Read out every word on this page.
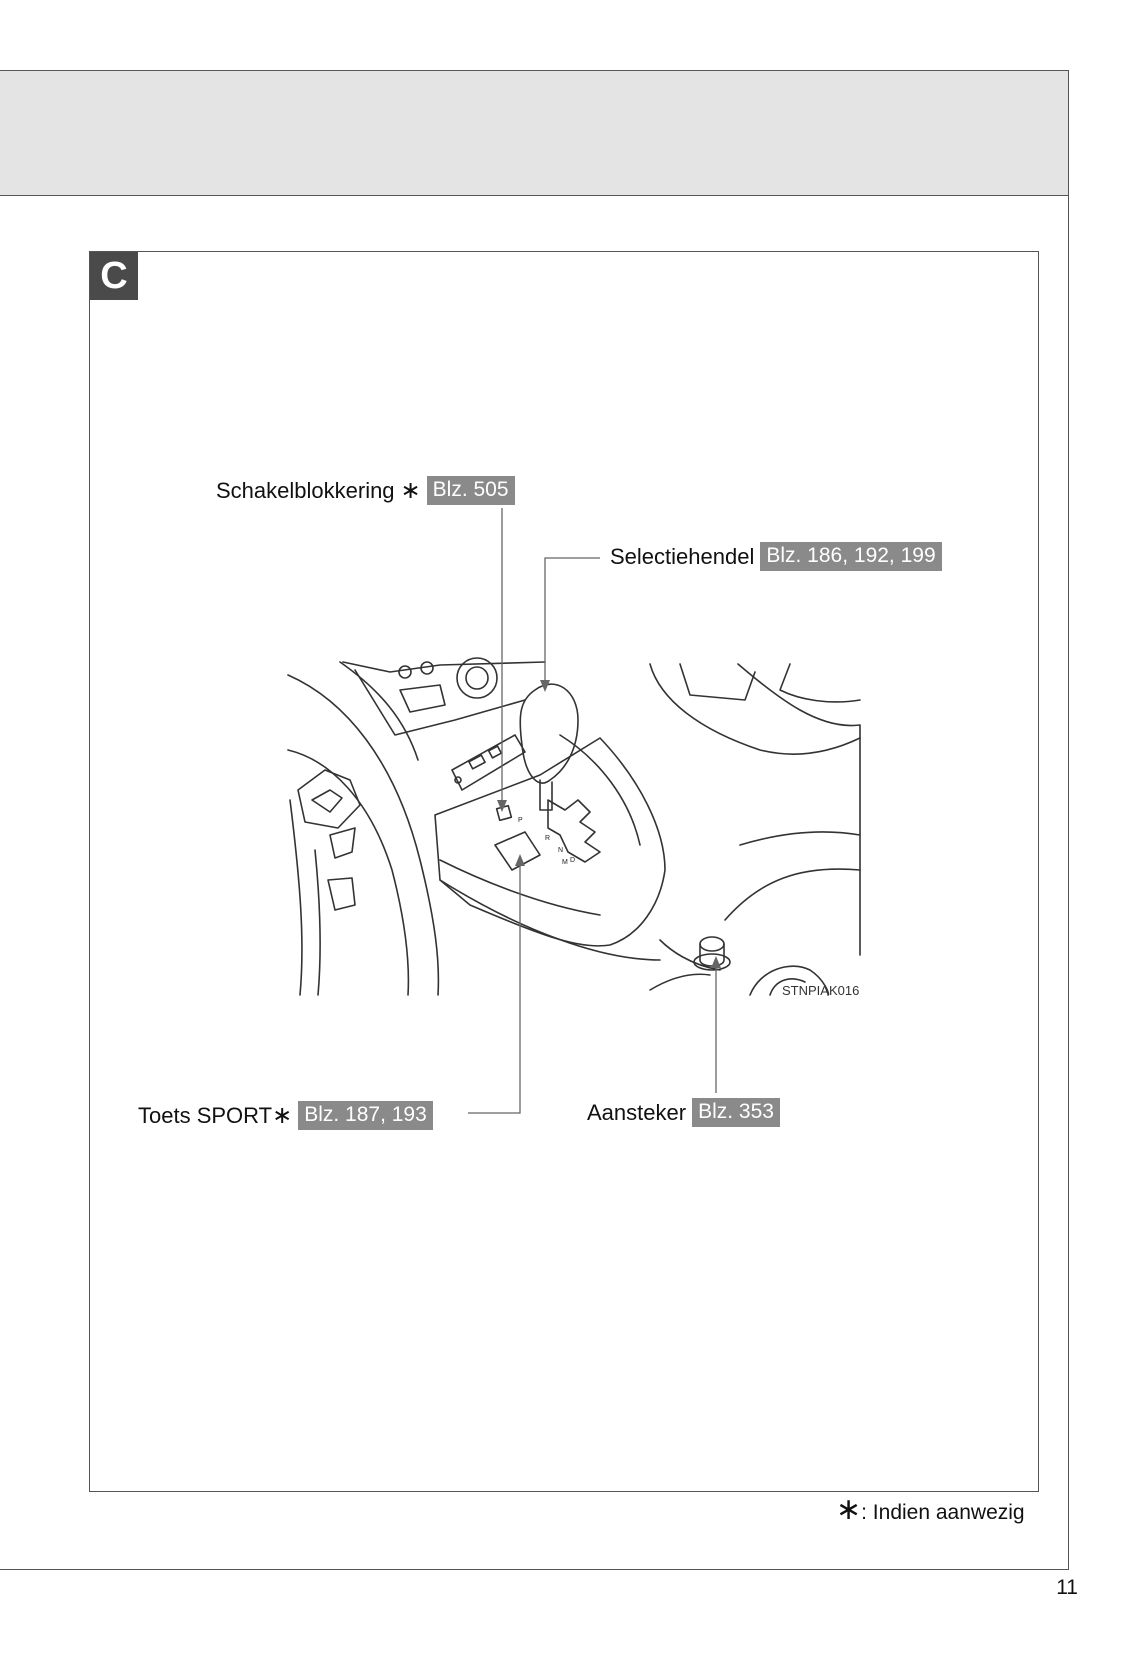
C
P
R
N
D
M
STNPIAK016
Schakelblokkering ∗ Blz. 505
Selectiehendel Blz. 186, 192, 199
Toets SPORT ∗ Blz. 187, 193	Aansteker Blz. 353
∗ : Indien aanwezig
11
